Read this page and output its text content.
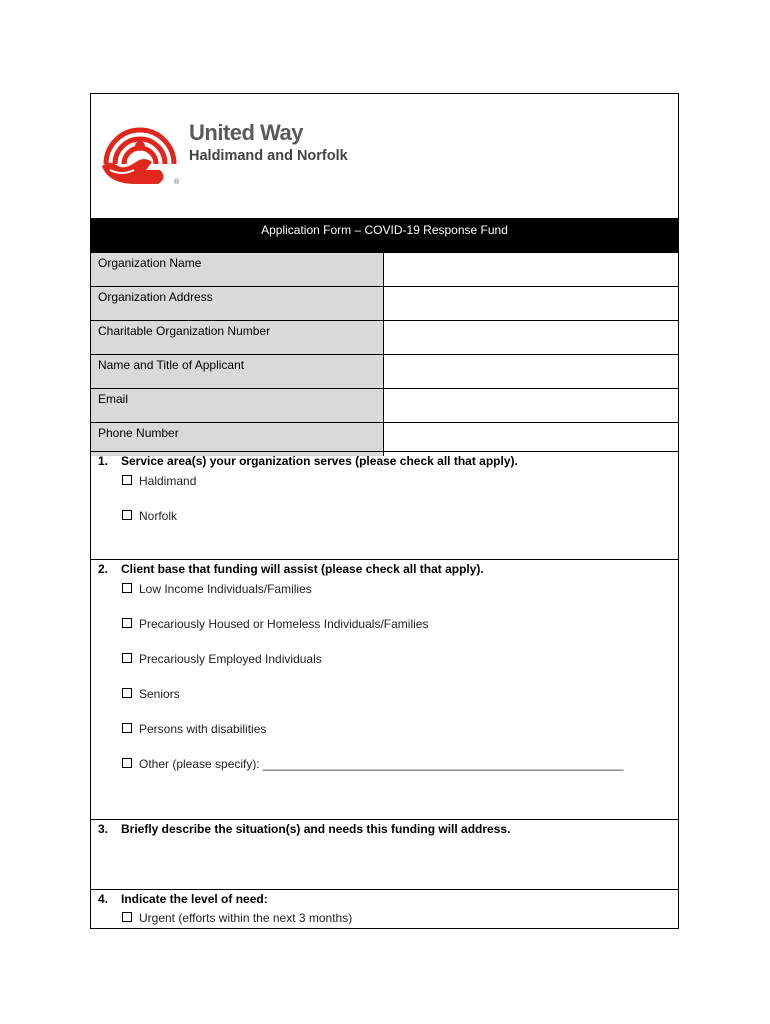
®
United Way
Haldimand and Norfolk
Application Form – COVID-19 Response Fund
Organization Name	
Organization Address	
Charitable Organization Number	
Name and Title of Applicant	
Email	
Phone Number	
1. Service area(s) your organization serves (please check all that apply).
Haldimand
Norfolk
2. Client base that funding will assist (please check all that apply).
Low Income Individuals/Families
Precariously Housed or Homeless Individuals/Families
Precariously Employed Individuals
Seniors
Persons with disabilities
Other (please specify): ______________________________________________________
3. Briefly describe the situation(s) and needs this funding will address.
4. Indicate the level of need:
Urgent (efforts within the next 3 months)
